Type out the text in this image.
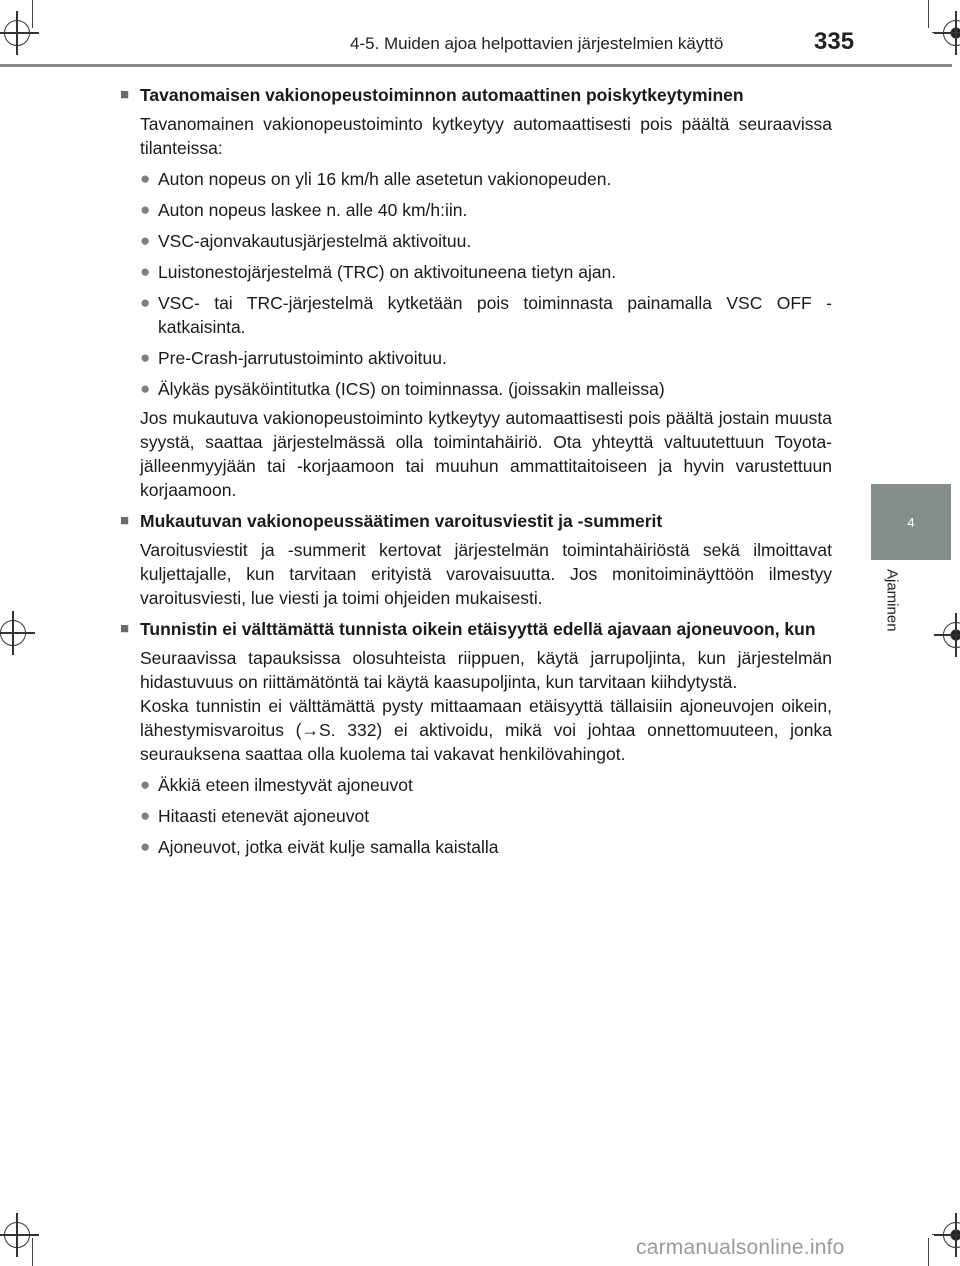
4-5. Muiden ajoa helpottavien järjestelmien käyttö	335
4
Ajaminen
■ Tavanomaisen vakionopeustoiminnon automaattinen poiskytkeytyminen
Tavanomainen vakionopeustoiminto kytkeytyy automaattisesti pois päältä seuraavissa tilanteissa:
● Auton nopeus on yli 16 km/h alle asetetun vakionopeuden.
● Auton nopeus laskee n. alle 40 km/h:iin.
● VSC-ajonvakautusjärjestelmä aktivoituu.
● Luistonestojärjestelmä (TRC) on aktivoituneena tietyn ajan.
● VSC- tai TRC-järjestelmä kytketään pois toiminnasta painamalla VSC OFF -katkaisinta.
● Pre-Crash-jarrutustoiminto aktivoituu.
● Älykäs pysäköintitutka (ICS) on toiminnassa. (joissakin malleissa)
Jos mukautuva vakionopeustoiminto kytkeytyy automaattisesti pois päältä jostain muusta syystä, saattaa järjestelmässä olla toimintahäiriö. Ota yhteyttä valtuutettuun Toyota-jälleenmyyjään tai -korjaamoon tai muuhun ammattitaitoiseen ja hyvin varustettuun korjaamoon.
■ Mukautuvan vakionopeussäätimen varoitusviestit ja -summerit
Varoitusviestit ja -summerit kertovat järjestelmän toimintahäiriöstä sekä ilmoittavat kuljettajalle, kun tarvitaan erityistä varovaisuutta. Jos monitoiminäyttöön ilmestyy varoitusviesti, lue viesti ja toimi ohjeiden mukaisesti.
■ Tunnistin ei välttämättä tunnista oikein etäisyyttä edellä ajavaan ajoneuvoon, kun
Seuraavissa tapauksissa olosuhteista riippuen, käytä jarrupoljinta, kun järjestelmän hidastuvuus on riittämätöntä tai käytä kaasupoljinta, kun tarvitaan kiihdytystä.
Koska tunnistin ei välttämättä pysty mittaamaan etäisyyttä tällaisiin ajoneuvojen oikein, lähestymisvaroitus (→S. 332) ei aktivoidu, mikä voi johtaa onnettomuuteen, jonka seurauksena saattaa olla kuolema tai vakavat henkilövahingot.
● Äkkiä eteen ilmestyvät ajoneuvot
● Hitaasti etenevät ajoneuvot
● Ajoneuvot, jotka eivät kulje samalla kaistalla
carmanualsonline.info
